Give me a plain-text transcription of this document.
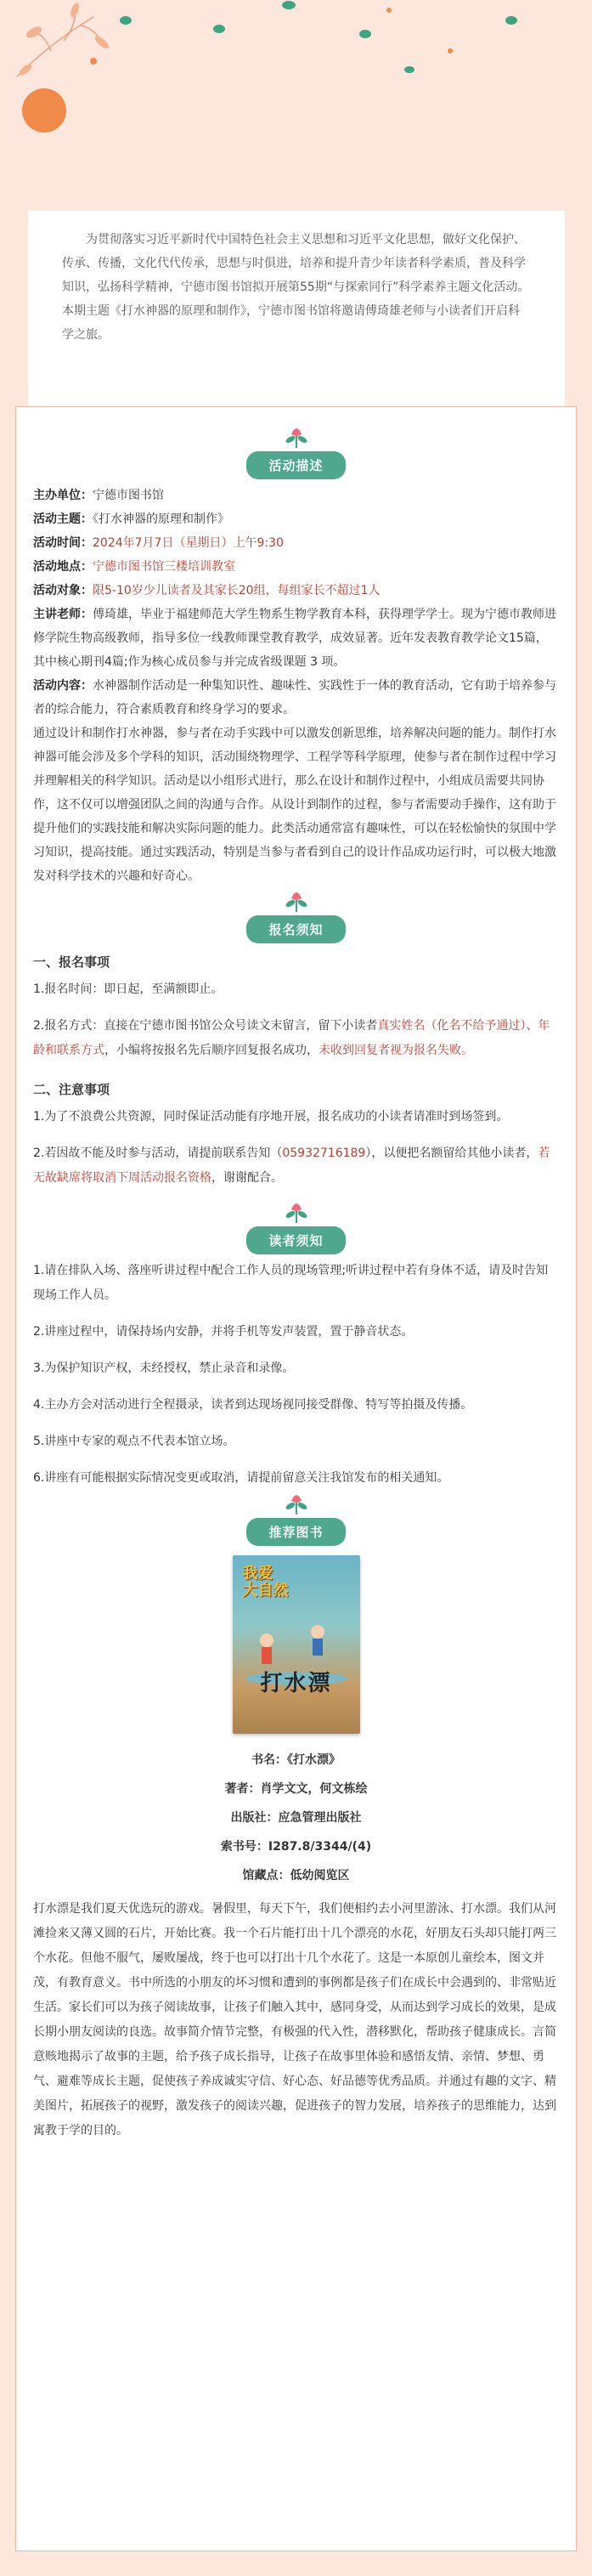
为贯彻落实习近平新时代中国特色社会主义思想和习近平文化思想，做好文化保护、传承、传播，文化代代传承，思想与时俱进，培养和提升青少年读者科学素质，普及科学知识，弘扬科学精神，宁德市图书馆拟开展第55期“与探索同行”科学素养主题文化活动。本期主题《打水神器的原理和制作》，宁德市图书馆将邀请傅琦雄老师与小读者们开启科学之旅。

活动描述

主办单位：宁德市图书馆

活动主题：《打水神器的原理和制作》

活动时间：2024年7月7日（星期日）上午9:30

活动地点：宁德市图书馆三楼培训教室

活动对象：限5-10岁少儿读者及其家长20组，每组家长不超过1人

主讲老师：傅琦雄，毕业于福建师范大学生物系生物学教育本科，获得理学学士。现为宁德市教师进修学院生物高级教师，指导多位一线教师课堂教育教学，成效显著。近年发表教育教学论文15篇，其中核心期刊4篇;作为核心成员参与并完成省级课题 3 项。

活动内容：水神器制作活动是一种集知识性、趣味性、实践性于一体的教育活动，它有助于培养参与者的综合能力，符合素质教育和终身学习的要求。

通过设计和制作打水神器，参与者在动手实践中可以激发创新思维，培养解决问题的能力。制作打水神器可能会涉及多个学科的知识，活动围绕物理学、工程学等科学原理，使参与者在制作过程中学习并理解相关的科学知识。活动是以小组形式进行，那么在设计和制作过程中，小组成员需要共同协作，这不仅可以增强团队之间的沟通与合作。从设计到制作的过程，参与者需要动手操作，这有助于提升他们的实践技能和解决实际问题的能力。此类活动通常富有趣味性，可以在轻松愉快的氛围中学习知识，提高技能。通过实践活动，特别是当参与者看到自己的设计作品成功运行时，可以极大地激发对科学技术的兴趣和好奇心。

报名须知
一、报名事项

1.报名时间：即日起，至满额即止。

2.报名方式：直接在宁德市图书馆公众号读文末留言，留下小读者真实姓名（化名不给予通过）、年龄和联系方式，小编将按报名先后顺序回复报名成功，未收到回复者视为报名失败。

二、注意事项

1.为了不浪费公共资源，同时保证活动能有序地开展，报名成功的小读者请准时到场签到。

2.若因故不能及时参与活动，请提前联系告知（05932716189），以便把名额留给其他小读者，若无故缺席将取消下周活动报名资格，谢谢配合。

读者须知

1.请在排队入场、落座听讲过程中配合工作人员的现场管理;听讲过程中若有身体不适，请及时告知现场工作人员。

2.讲座过程中，请保持场内安静，并将手机等发声装置，置于静音状态。

3.为保护知识产权，未经授权，禁止录音和录像。

4.主办方会对活动进行全程摄录，读者到达现场视同接受群像、特写等拍摄及传播。

5.讲座中专家的观点不代表本馆立场。

6.讲座有可能根据实际情况变更或取消，请提前留意关注我馆发布的相关通知。

推荐图书
我爱
大自然
打水漂
书名：《打水漂》
著者：肖学文文，何文栋绘
出版社：应急管理出版社
索书号：I287.8/3344/(4)
馆藏点：低幼阅览区

打水漂是我们夏天优选玩的游戏。暑假里，每天下午，我们便相约去小河里游泳、打水漂。我们从河滩捡来又薄又圆的石片，开始比赛。我一个石片能打出十几个漂亮的水花，好朋友石头却只能打两三个水花。但他不服气，屡败屡战，终于也可以打出十几个水花了。这是一本原创儿童绘本，图文并茂，有教育意义。书中所选的小朋友的坏习惯和遭到的事例都是孩子们在成长中会遇到的、非常贴近生活。家长们可以为孩子阅读故事，让孩子们触入其中，感同身受，从而达到学习成长的效果，是成长期小朋友阅读的良选。故事简介情节完整，有极强的代入性，潜移默化，帮助孩子健康成长。言简意赅地揭示了故事的主题，给予孩子成长指导，让孩子在故事里体验和感悟友情、亲情、梦想、勇气、避难等成长主题，促使孩子养成诚实守信、好心态、好品德等优秀品质。并通过有趣的文字、精美图片，拓展孩子的视野，激发孩子的阅读兴趣，促进孩子的智力发展，培养孩子的思维能力，达到寓教于学的目的。
